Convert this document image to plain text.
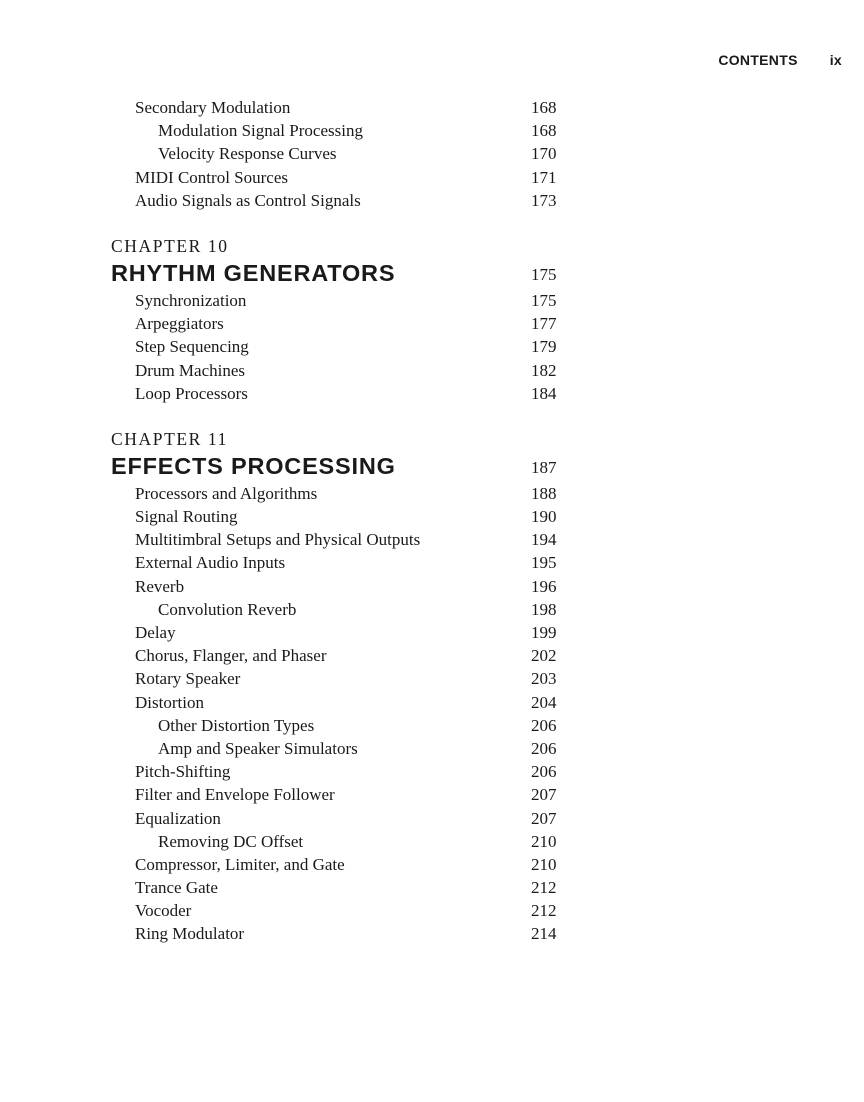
CONTENTS ix
Secondary Modulation	168
Modulation Signal Processing	168
Velocity Response Curves	170
MIDI Control Sources	171
Audio Signals as Control Signals	173
CHAPTER 10
RHYTHM GENERATORS	175
Synchronization	175
Arpeggiators	177
Step Sequencing	179
Drum Machines	182
Loop Processors	184
CHAPTER 11
EFFECTS PROCESSING	187
Processors and Algorithms	188
Signal Routing	190
Multitimbral Setups and Physical Outputs	194
External Audio Inputs	195
Reverb	196
Convolution Reverb	198
Delay	199
Chorus, Flanger, and Phaser	202
Rotary Speaker	203
Distortion	204
Other Distortion Types	206
Amp and Speaker Simulators	206
Pitch-Shifting	206
Filter and Envelope Follower	207
Equalization	207
Removing DC Offset	210
Compressor, Limiter, and Gate	210
Trance Gate	212
Vocoder	212
Ring Modulator	214
